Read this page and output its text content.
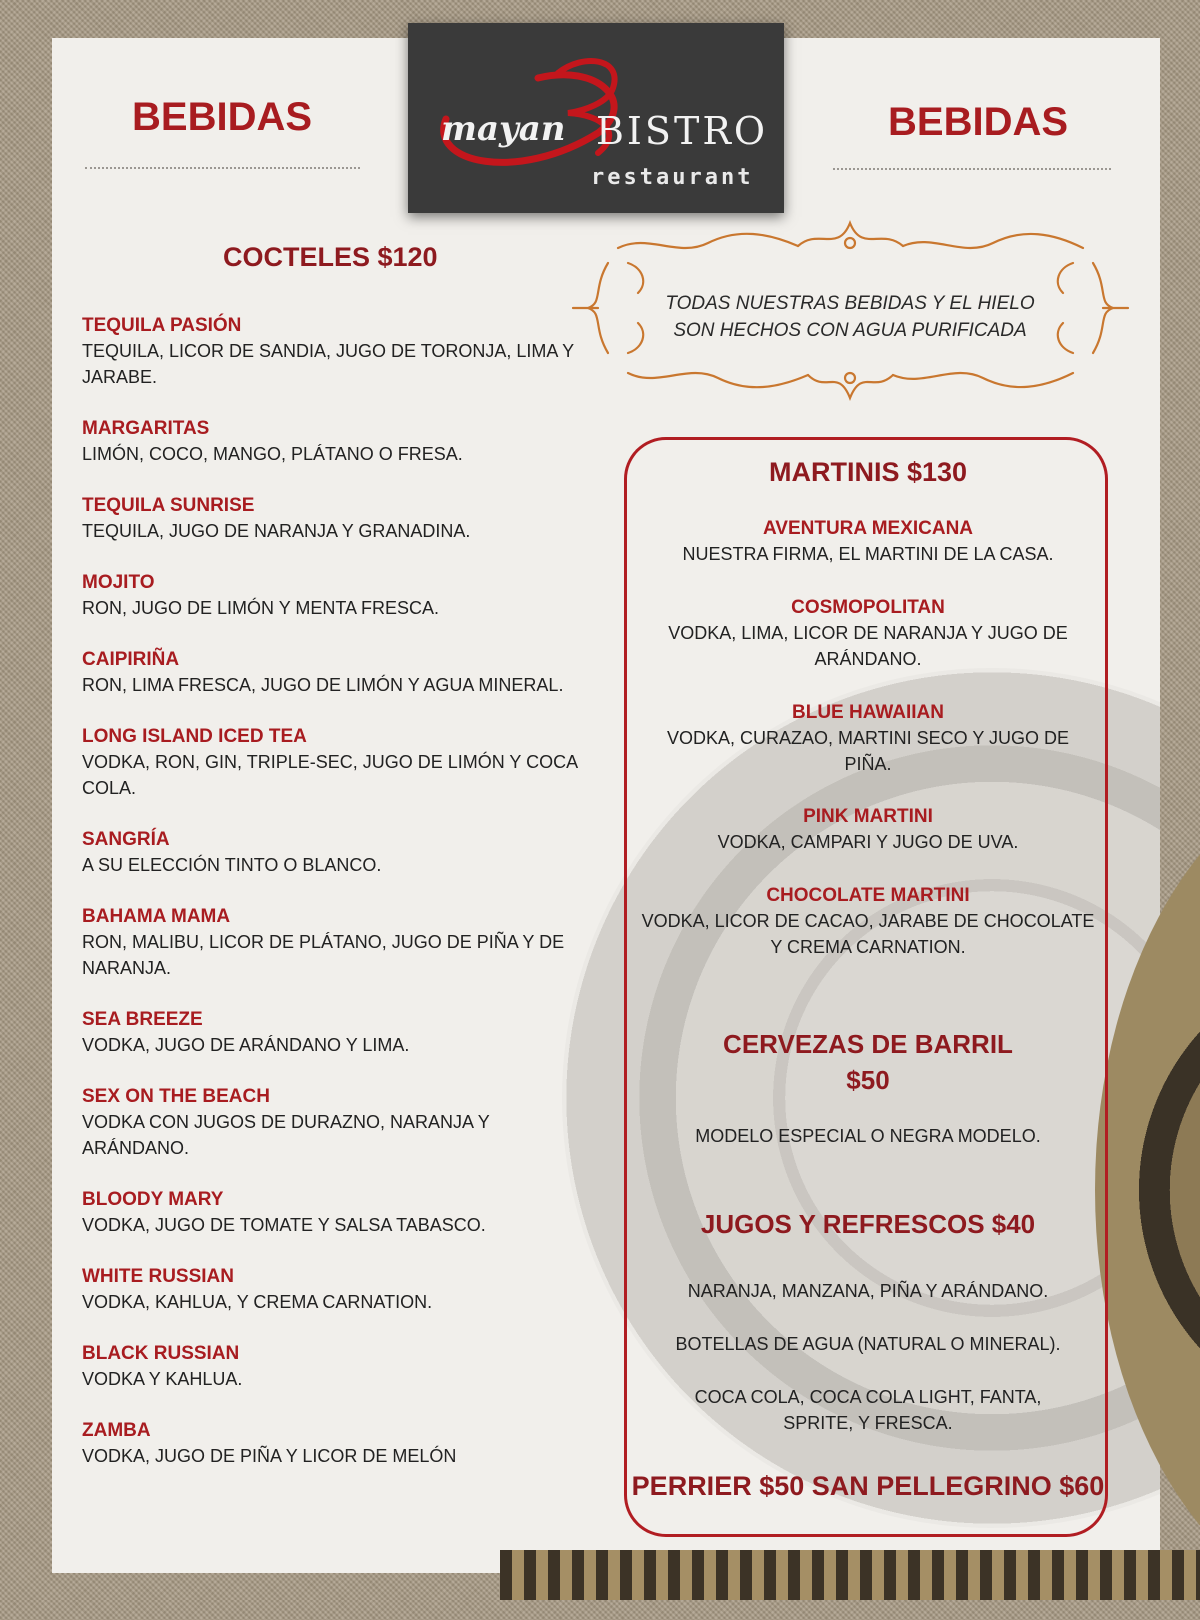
BEBIDAS	BEBIDAS
mayan BISTRO
restaurant
COCTELES $120
TEQUILA PASIÓN
TEQUILA, LICOR DE SANDIA, JUGO DE TORONJA, LIMA Y JARABE.
MARGARITAS
LIMÓN, COCO, MANGO, PLÁTANO O FRESA.
TEQUILA SUNRISE
TEQUILA, JUGO DE NARANJA Y GRANADINA.
MOJITO
RON, JUGO DE LIMÓN Y MENTA FRESCA.
CAIPIRIÑA
RON, LIMA FRESCA, JUGO DE LIMÓN Y AGUA MINERAL.
LONG ISLAND ICED TEA
VODKA, RON, GIN, TRIPLE-SEC, JUGO DE LIMÓN Y COCA COLA.
SANGRÍA
A SU ELECCIÓN TINTO O BLANCO.
BAHAMA MAMA
RON, MALIBU, LICOR DE PLÁTANO, JUGO DE PIÑA Y DE NARANJA.
SEA BREEZE
VODKA, JUGO DE ARÁNDANO Y LIMA.
SEX ON THE BEACH
VODKA CON JUGOS DE DURAZNO, NARANJA Y ARÁNDANO.
BLOODY MARY
VODKA, JUGO DE TOMATE Y SALSA TABASCO.
WHITE RUSSIAN
VODKA, KAHLUA, Y CREMA CARNATION.
BLACK RUSSIAN
VODKA Y KAHLUA.
ZAMBA
VODKA, JUGO DE PIÑA Y LICOR DE MELÓN
TODAS NUESTRAS BEBIDAS Y EL HIELO
SON HECHOS CON AGUA PURIFICADA
MARTINIS $130
AVENTURA MEXICANA
NUESTRA FIRMA, EL MARTINI DE LA CASA.
COSMOPOLITAN
VODKA, LIMA, LICOR DE NARANJA Y JUGO DE
ARÁNDANO.
BLUE HAWAIIAN
VODKA, CURAZAO, MARTINI SECO Y JUGO DE
PIÑA.
PINK MARTINI
VODKA, CAMPARI Y JUGO DE UVA.
CHOCOLATE MARTINI
VODKA, LICOR DE CACAO, JARABE DE CHOCOLATE
Y CREMA CARNATION.
CERVEZAS DE BARRIL
$50
MODELO ESPECIAL O NEGRA MODELO.
JUGOS Y REFRESCOS $40
NARANJA, MANZANA, PIÑA Y ARÁNDANO.
BOTELLAS DE AGUA (NATURAL O MINERAL).
COCA COLA, COCA COLA LIGHT, FANTA,
SPRITE, Y FRESCA.
PERRIER $50 SAN PELLEGRINO $60
